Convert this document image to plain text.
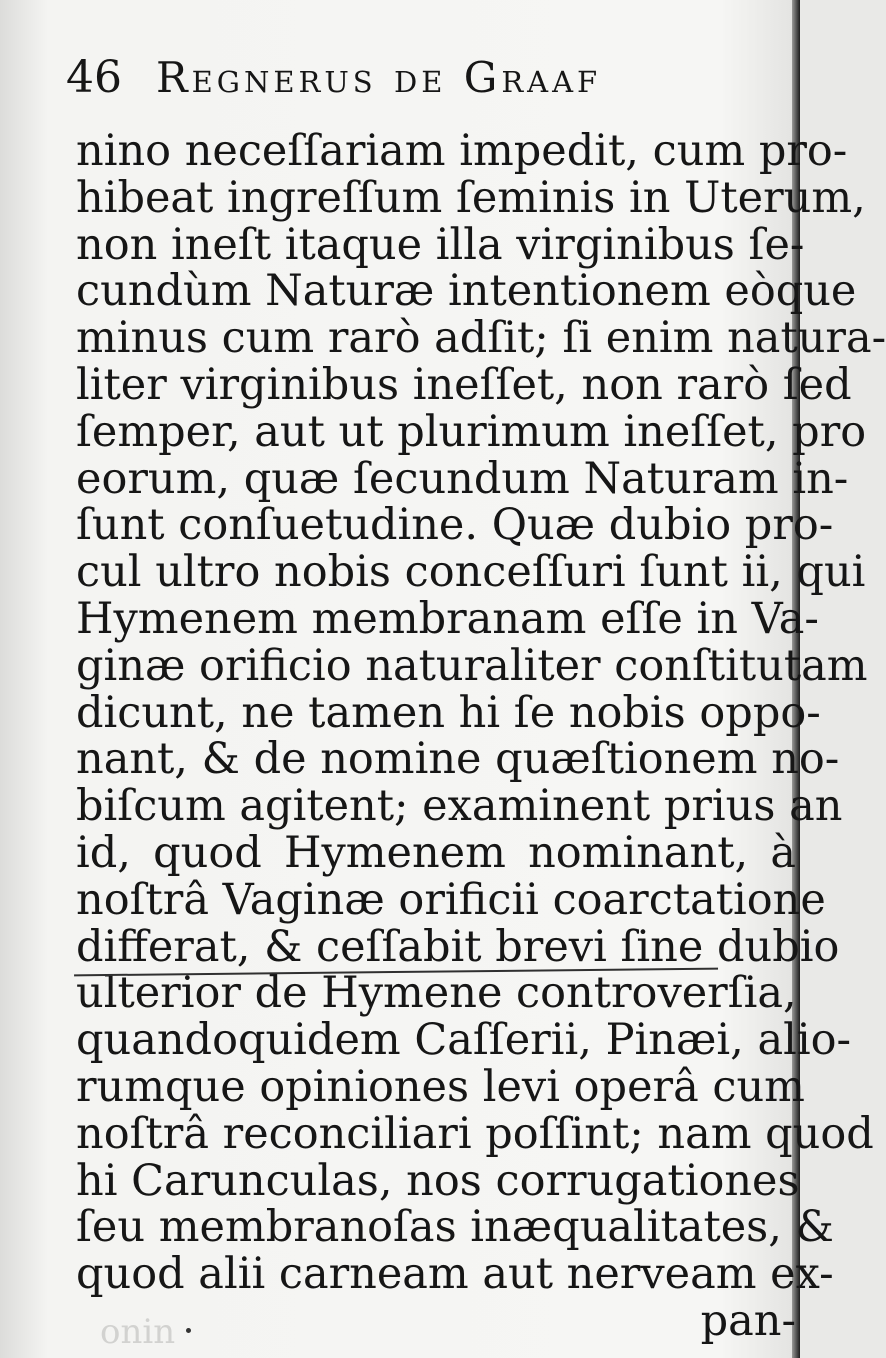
46 Regnerus de Graaf
nino neceſſariam impedit, cum pro-
hibeat ingreſſum ſeminis in Uterum,
non ineſt itaque illa virginibus ſe-
cundùm Naturæ intentionem eòque
minus cum rarò adſit; ſi enim natura-
liter virginibus ineſſet, non rarò ſed
ſemper, aut ut plurimum ineſſet, pro
eorum, quæ ſecundum Naturam in-
ſunt conſuetudine. Quæ dubio pro-
cul ultro nobis conceſſuri ſunt ii, qui
Hymenem membranam eſſe in Va-
ginæ orificio naturaliter conſtitutam
dicunt, ne tamen hi ſe nobis oppo-
nant, & de nomine quæſtionem no-
biſcum agitent; examinent prius an
id, quod Hymenem nominant, à
noſtrâ Vaginæ orificii coarctatione
differat, & ceſſabit brevi ſine dubio
ulterior de Hymene controverſia,
quandoquidem Caſſerii, Pinæi, alio-
rumque opiniones levi operâ cum
noſtrâ reconciliari poſſint; nam quod
hi Carunculas, nos corrugationes
ſeu membranoſas inæqualitates, &
quod alii carneam aut nerveam ex-
pan-
onin
